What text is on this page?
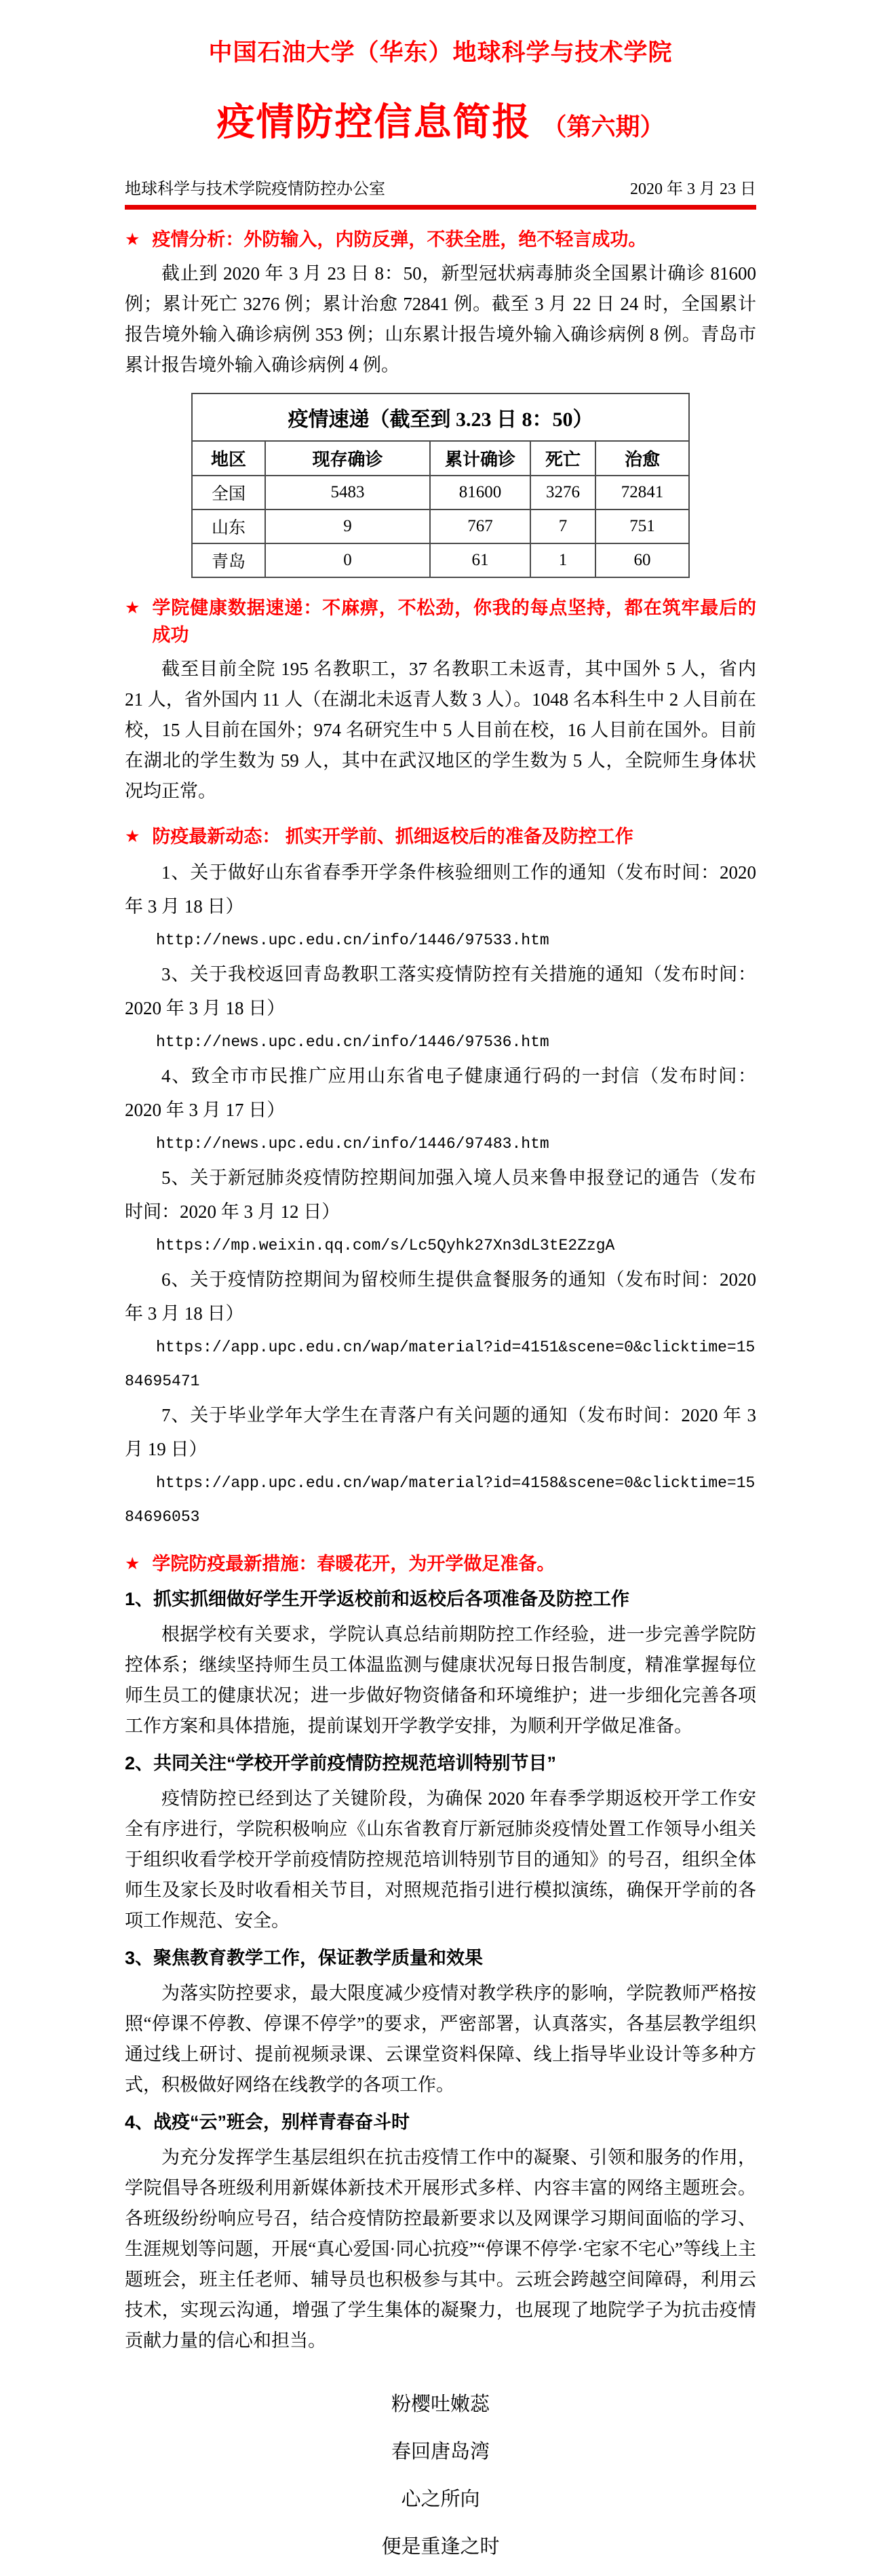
中国石油大学（华东）地球科学与技术学院
疫情防控信息简报 （第六期）
地球科学与技术学院疫情防控办公室	2020 年 3 月 23 日
★ 疫情分析：外防输入，内防反弹，不获全胜，绝不轻言成功。

截止到 2020 年 3 月 23 日 8：50，新型冠状病毒肺炎全国累计确诊 81600 例；累计死亡 3276 例；累计治愈 72841 例。截至 3 月 22 日 24 时，全国累计报告境外输入确诊病例 353 例；山东累计报告境外输入确诊病例 8 例。青岛市累计报告境外输入确诊病例 4 例。

疫情速递（截至到 3.23 日 8：50）				
地区	现存确诊	累计确诊	死亡	治愈
全国	5483	81600	3276	72841
山东	9	767	7	751
青岛	0	61	1	60
★ 学院健康数据速递：不麻痹，不松劲，你我的每点坚持，都在筑牢最后的成功

截至目前全院 195 名教职工，37 名教职工未返青，其中国外 5 人，省内 21 人，省外国内 11 人（在湖北未返青人数 3 人）。1048 名本科生中 2 人目前在校，15 人目前在国外；974 名研究生中 5 人目前在校，16 人目前在国外。目前在湖北的学生数为 59 人，其中在武汉地区的学生数为 5 人，全院师生身体状况均正常。

★ 防疫最新动态： 抓实开学前、抓细返校后的准备及防控工作

1、关于做好山东省春季开学条件核验细则工作的通知（发布时间：2020 年 3 月 18 日）

http://news.upc.edu.cn/info/1446/97533.htm

3、关于我校返回青岛教职工落实疫情防控有关措施的通知（发布时间：2020 年 3 月 18 日）

http://news.upc.edu.cn/info/1446/97536.htm

4、致全市市民推广应用山东省电子健康通行码的一封信（发布时间：2020 年 3 月 17 日）

http://news.upc.edu.cn/info/1446/97483.htm

5、关于新冠肺炎疫情防控期间加强入境人员来鲁申报登记的通告（发布时间：2020 年 3 月 12 日）

https://mp.weixin.qq.com/s/Lc5Qyhk27Xn3dL3tE2ZzgA

6、关于疫情防控期间为留校师生提供盒餐服务的通知（发布时间：2020 年 3 月 18 日）

https://app.upc.edu.cn/wap/material?id=4151&scene=0&clicktime=1584695471

7、关于毕业学年大学生在青落户有关问题的通知（发布时间：2020 年 3 月 19 日）

https://app.upc.edu.cn/wap/material?id=4158&scene=0&clicktime=1584696053

★ 学院防疫最新措施：春暖花开，为开学做足准备。
1、抓实抓细做好学生开学返校前和返校后各项准备及防控工作

根据学校有关要求，学院认真总结前期防控工作经验，进一步完善学院防控体系；继续坚持师生员工体温监测与健康状况每日报告制度，精准掌握每位师生员工的健康状况；进一步做好物资储备和环境维护；进一步细化完善各项工作方案和具体措施，提前谋划开学教学安排，为顺利开学做足准备。

2、共同关注“学校开学前疫情防控规范培训特别节目”

疫情防控已经到达了关键阶段，为确保 2020 年春季学期返校开学工作安全有序进行，学院积极响应《山东省教育厅新冠肺炎疫情处置工作领导小组关于组织收看学校开学前疫情防控规范培训特别节目的通知》的号召，组织全体师生及家长及时收看相关节目，对照规范指引进行模拟演练，确保开学前的各项工作规范、安全。

3、聚焦教育教学工作，保证教学质量和效果

为落实防控要求，最大限度减少疫情对教学秩序的影响，学院教师严格按照“停课不停教、停课不停学”的要求，严密部署，认真落实，各基层教学组织通过线上研讨、提前视频录课、云课堂资料保障、线上指导毕业设计等多种方式，积极做好网络在线教学的各项工作。

4、战疫“云”班会，别样青春奋斗时

为充分发挥学生基层组织在抗击疫情工作中的凝聚、引领和服务的作用，学院倡导各班级利用新媒体新技术开展形式多样、内容丰富的网络主题班会。各班级纷纷响应号召，结合疫情防控最新要求以及网课学习期间面临的学习、生涯规划等问题，开展“真心爱国·同心抗疫”“停课不停学·宅家不宅心”等线上主题班会，班主任老师、辅导员也积极参与其中。云班会跨越空间障碍，利用云技术，实现云沟通，增强了学生集体的凝聚力，也展现了地院学子为抗击疫情贡献力量的信心和担当。

粉樱吐嫩蕊
春回唐岛湾
心之所向
便是重逢之时
